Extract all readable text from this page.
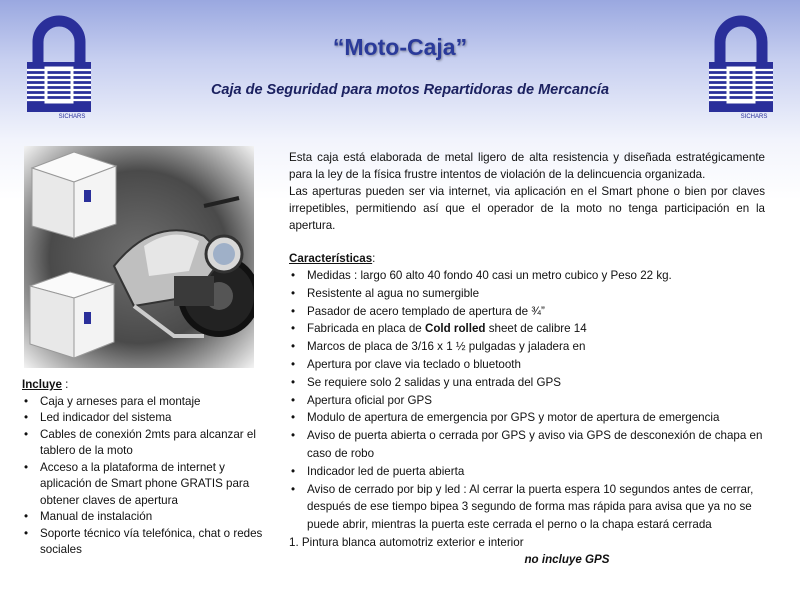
SICHARS	SICHARS
“Moto-Caja”
Caja de Seguridad para motos Repartidoras de Mercancía
Incluye :
• Caja y arneses para el montaje
• Led indicador del sistema
• Cables de conexión 2mts para alcanzar el tablero de la moto
• Acceso a la plataforma de internet y aplicación de Smart phone GRATIS para obtener claves de apertura
• Manual de instalación
• Soporte técnico vía telefónica, chat o redes sociales

Esta caja está elaborada de metal ligero de alta resistencia y diseñada estratégicamente para la ley de la física frustre intentos de violación de la delincuencia organizada.

Las aperturas pueden ser via internet, via aplicación en el Smart phone o bien por claves irrepetibles, permitiendo así que el operador de la moto no tenga participación en la apertura.

Características:
• Medidas : largo 60 alto 40 fondo 40 casi un metro cubico y Peso 22 kg.
• Resistente al agua no sumergible
• Pasador de acero templado de apertura de ¾”
• Fabricada en placa de Cold rolled sheet de calibre 14
• Marcos de placa de 3/16 x 1 ½ pulgadas y jaladera en
• Apertura por clave via teclado o bluetooth
• Se requiere solo 2 salidas y una entrada del GPS
• Apertura oficial por GPS
• Modulo de apertura de emergencia por GPS y motor de apertura de emergencia
• Aviso de puerta abierta o cerrada por GPS y aviso via GPS de desconexión de chapa en caso de robo
• Indicador led de puerta abierta
• Aviso de cerrado por bip y led : Al cerrar la puerta espera 10 segundos antes de cerrar, después de ese tiempo bipea 3 segundo de forma mas rápida para avisa que ya no se puede abrir, mientras la puerta este cerrada el perno o la chapa estará cerrada
1. Pintura blanca automotriz exterior e interior
no incluye GPS
